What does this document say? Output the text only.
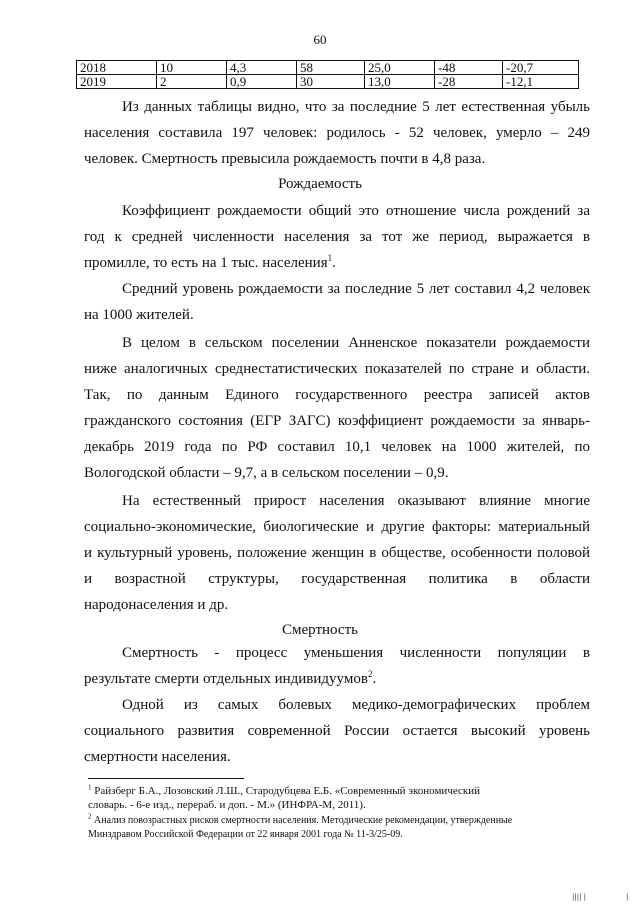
60
2018	10	4,3	58	25,0	-48	-20,7
2019	2	0,9	30	13,0	-28	-12,1

Из данных таблицы видно, что за последние 5 лет естественная убыль

населения составила 197 человек: родилось - 52 человек, умерло – 249

человек. Смертность превысила рождаемость почти в 4,8 раза.

Рождаемость

Коэффициент рождаемости общий это отношение числа рождений за

год к средней численности населения за тот же период, выражается в

промилле, то есть на 1 тыс. населения$^1$.

Средний уровень рождаемости за последние 5 лет составил 4,2 человек

на 1000 жителей.

В целом в сельском поселении Анненское показатели рождаемости

ниже аналогичных среднестатистических показателей по стране и области.

Так, по данным Единого государственного реестра записей актов

гражданского состояния (ЕГР ЗАГС) коэффициент рождаемости за январь-

декабрь 2019 года по РФ составил 10,1 человек на 1000 жителей, по

Вологодской области – 9,7, а в сельском поселении – 0,9.

На естественный прирост населения оказывают влияние многие

социально-экономические, биологические и другие факторы: материальный

и культурный уровень, положение женщин в обществе, особенности половой

и возрастной структуры, государственная политика в области

народонаселения и др.

Смертность

Смертность - процесс уменьшения численности популяции в

результате смерти отдельных индивидуумов$^2$.

Одной из самых болевых медико-демографических проблем

социального развития современной России остается высокий уровень

смертности населения.

$^1$ Райзберг Б.А., Лозовский Л.Ш., Стародубцева Е.Б. «Современный экономический

словарь. - 6-е изд., перераб. и доп. - М.» (ИНФРА-М, 2011).

$^2$ Анализ повозрастных рисков смертности населения. Методические рекомендации, утвержденные

Минздравом Российской Федерации от 22 января 2001 года № 11-3/25-09.

|||| |	|
